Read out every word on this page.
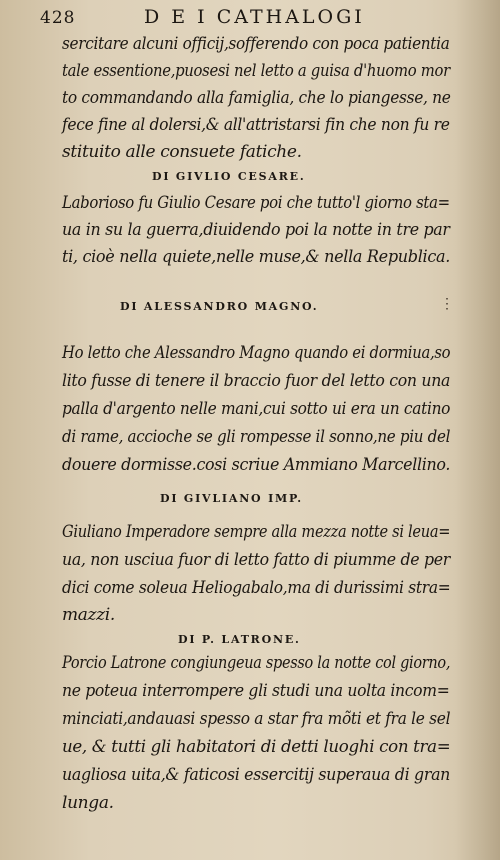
428	D E I CATHALOGI
sercitare alcuni officij,sofferendo con poca patientia
tale essentione,puosesi nel letto a guisa d'huomo mor
to commandando alla famiglia, che lo piangesse, ne
fece fine al dolersi,& all'attristarsi fin che non fu re
stituito alle consuete fatiche.
DI GIVLIO CESARE.
Laborioso fu Giulio Cesare poi che tutto'l giorno sta=
ua in su la guerra,diuidendo poi la notte in tre par
ti, cioè nella quiete,nelle muse,& nella Republica.
DI ALESSANDRO MAGNO.	⋮
Ho letto che Alessandro Magno quando ei dormiua,so
lito fusse di tenere il braccio fuor del letto con una
palla d'argento nelle mani,cui sotto ui era un catino
di rame, accioche se gli rompesse il sonno,ne piu del
douere dormisse.cosi scriue Ammiano Marcellino.
DI GIVLIANO IMP.
Giuliano Imperadore sempre alla mezza notte si leua=
ua, non usciua fuor di letto fatto di piumme de per
dici come soleua Heliogabalo,ma di durissimi stra=
mazzi.
DI P. LATRONE.
Porcio Latrone congiungeua spesso la notte col giorno,
ne poteua interrompere gli studi una uolta incom=
minciati,andauasi spesso a star fra mõti et fra le sel
ue, & tutti gli habitatori di detti luoghi con tra=
uagliosa uita,& faticosi essercitij superaua di gran
lunga.
